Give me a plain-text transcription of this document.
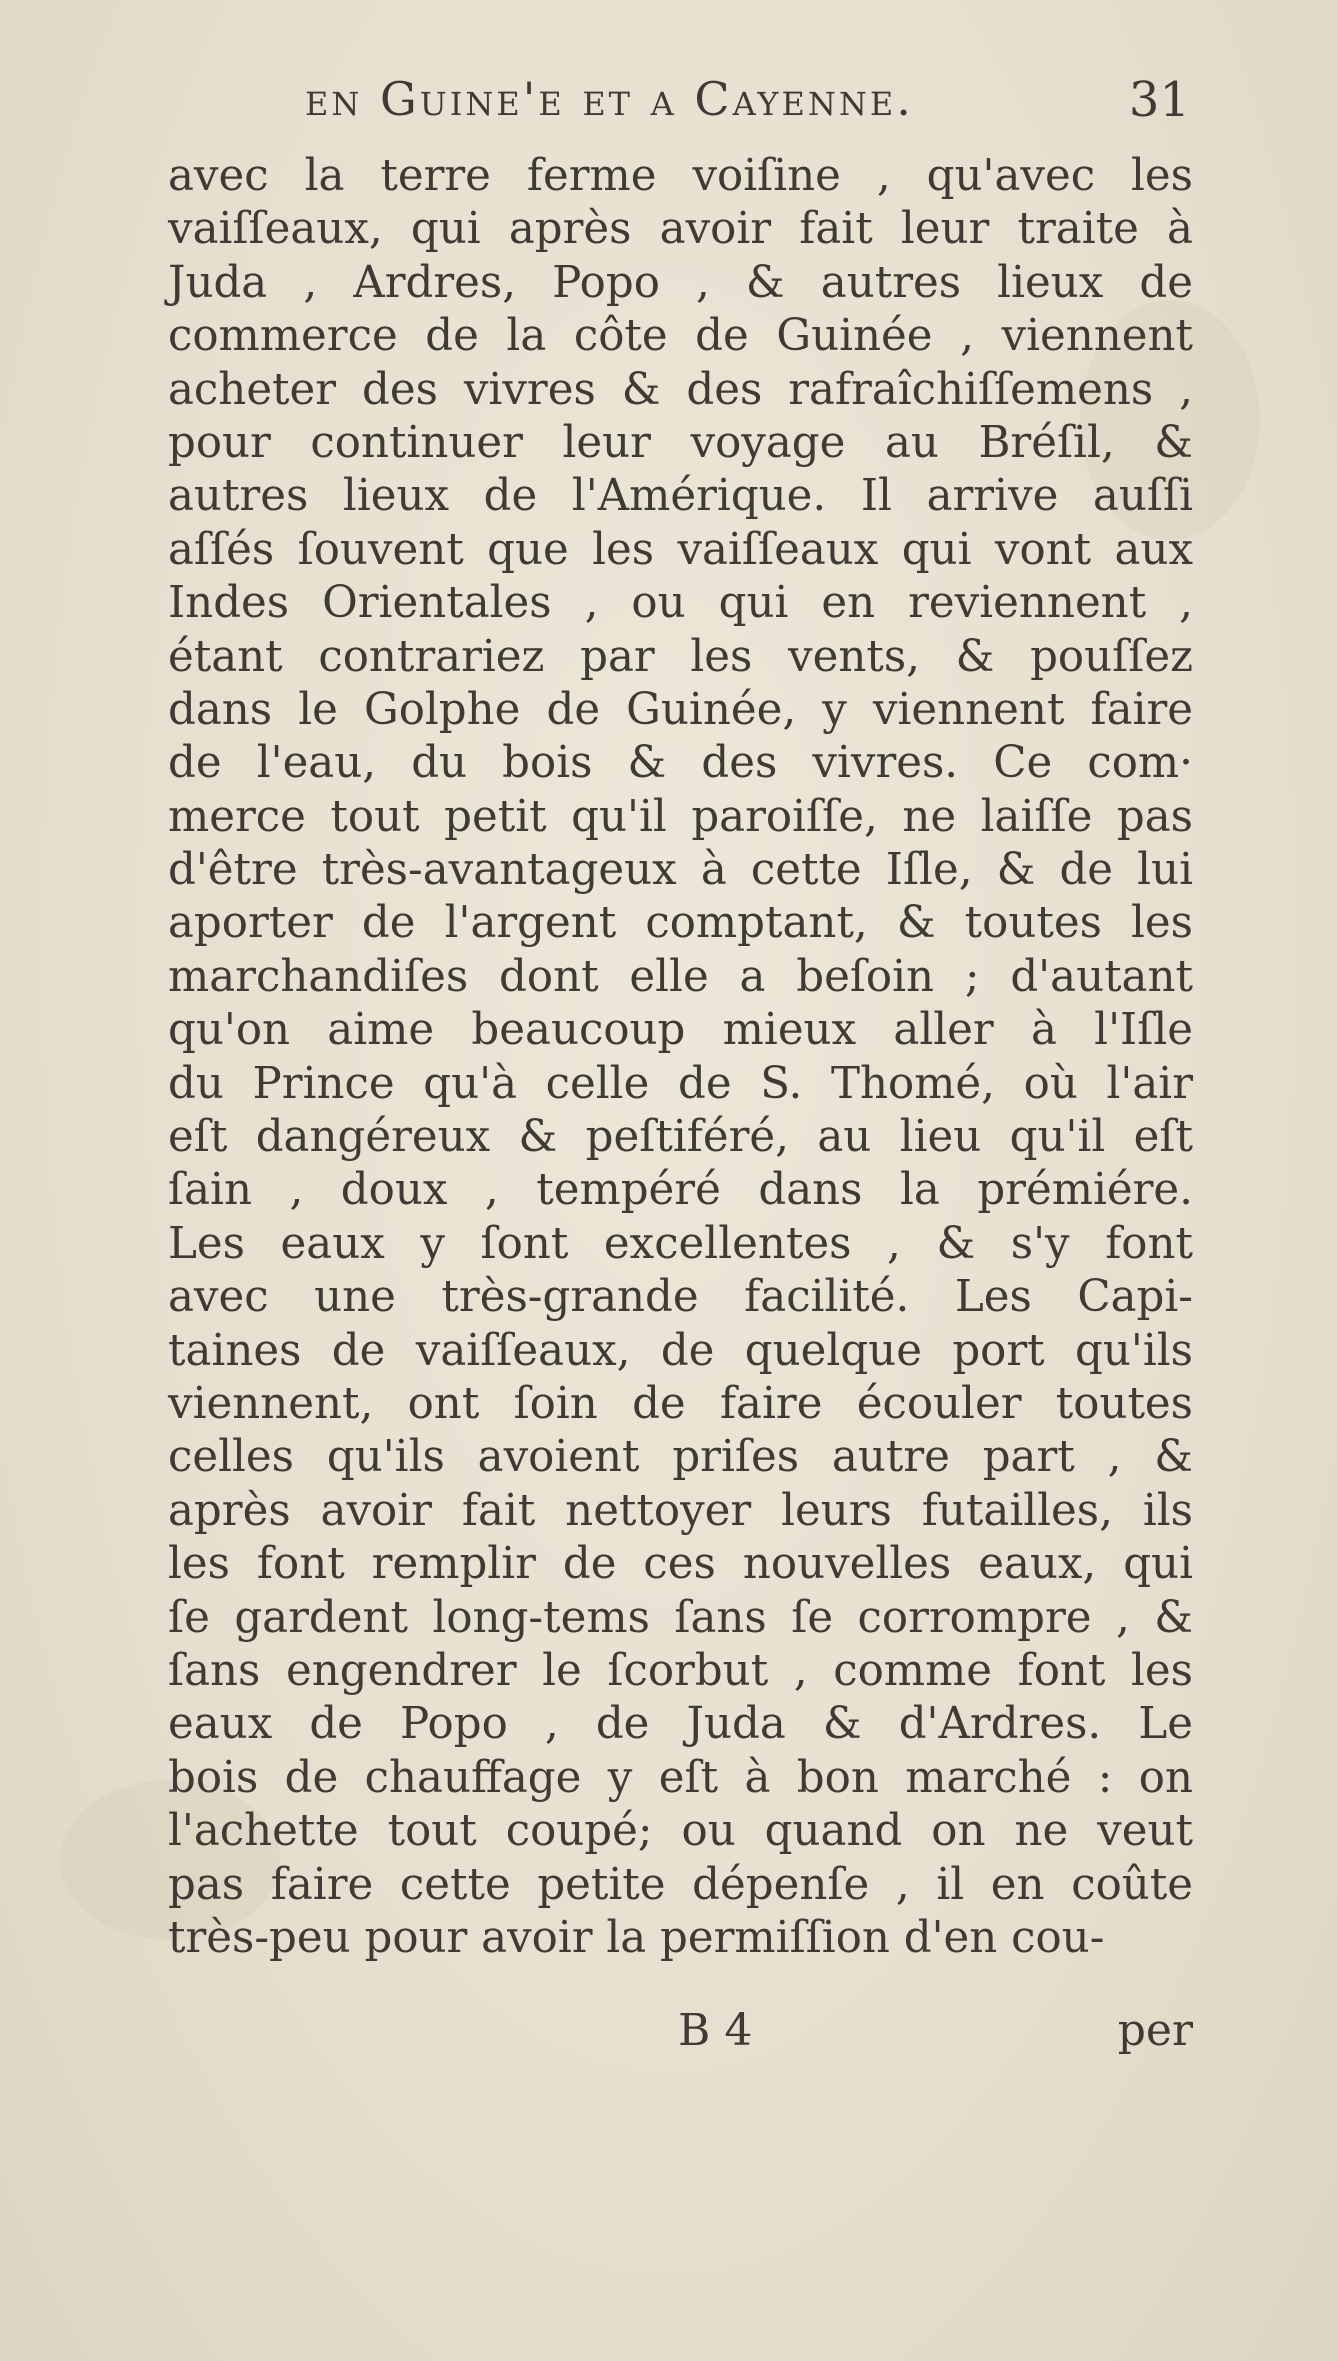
en Guine'e et a Cayenne.	31
avec la terre ferme voiſine , qu'avec les
vaiſſeaux, qui après avoir fait leur traite à
Juda , Ardres, Popo , & autres lieux de
commerce de la côte de Guinée , viennent
acheter des vivres & des rafraîchiſſemens ,
pour continuer leur voyage au Bréſil, &
autres lieux de l'Amérique. Il arrive auſſi
aſſés ſouvent que les vaiſſeaux qui vont aux
Indes Orientales , ou qui en reviennent ,
étant contrariez par les vents, & pouſſez
dans le Golphe de Guinée, y viennent faire
de l'eau, du bois & des vivres. Ce com·
merce tout petit qu'il paroiſſe, ne laiſſe pas
d'être très-avantageux à cette Iſle, & de lui
aporter de l'argent comptant, & toutes les
marchandiſes dont elle a beſoin ; d'autant
qu'on aime beaucoup mieux aller à l'Iſle
du Prince qu'à celle de S. Thomé, où l'air
eſt dangéreux & peſtiféré, au lieu qu'il eſt
ſain , doux , tempéré dans la prémiére.
Les eaux y ſont excellentes , & s'y font
avec une très-grande facilité. Les Capi-
taines de vaiſſeaux, de quelque port qu'ils
viennent, ont ſoin de faire écouler toutes
celles qu'ils avoient priſes autre part , &
après avoir fait nettoyer leurs futailles, ils
les font remplir de ces nouvelles eaux, qui
ſe gardent long-tems ſans ſe corrompre , &
ſans engendrer le ſcorbut , comme font les
eaux de Popo , de Juda & d'Ardres. Le
bois de chauffage y eſt à bon marché : on
l'achette tout coupé; ou quand on ne veut
pas faire cette petite dépenſe , il en coûte
très-peu pour avoir la permiſſion d'en cou-
B 4	per
